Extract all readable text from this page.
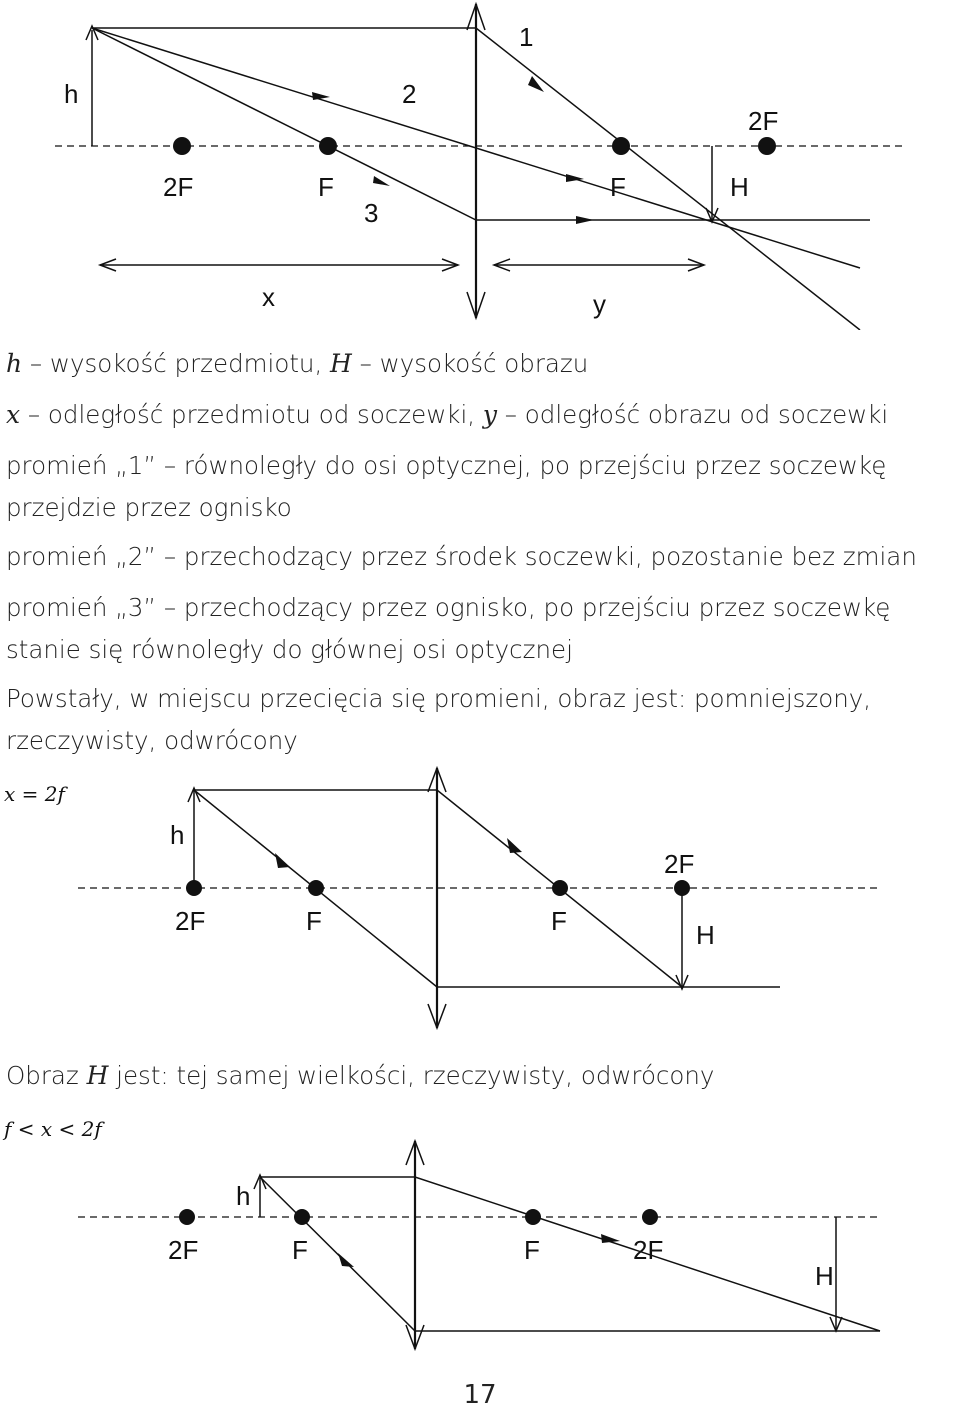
h
1
2
3
2F	F	F
2F
H
x	y

h – wysokość przedmiotu, H – wysokość obrazu

x – odległość przedmiotu od soczewki, y – odległość obrazu od soczewki

promień „1” – równoległy do osi optycznej, po przejściu przez soczewkę przejdzie przez ognisko

promień „2” – przechodzący przez środek soczewki, pozostanie bez zmian

promień „3” – przechodzący przez ognisko, po przejściu przez soczewkę stanie się równoległy do głównej osi optycznej

Powstały, w miejscu przecięcia się promieni, obraz jest: pomniejszony, rzeczywisty, odwrócony

x = 2f

h
2F	F	F
2F
H

Obraz H jest: tej samej wielkości, rzeczywisty, odwrócony

f < x < 2f

h
2F	F	F	2F
H
17
